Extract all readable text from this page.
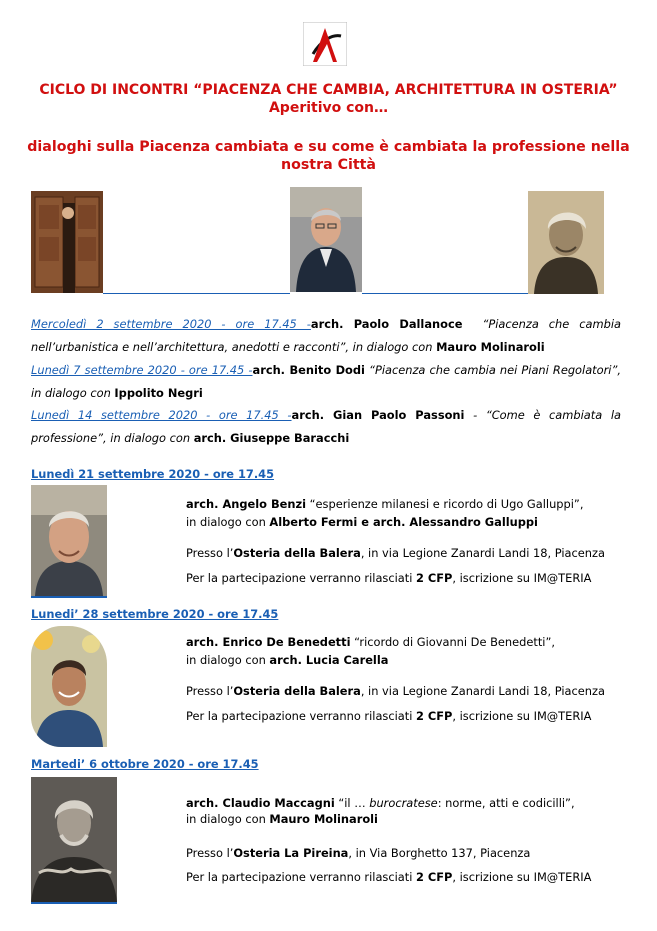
CICLO DI INCONTRI “PIACENZA CHE CAMBIA, ARCHITETTURA IN OSTERIA”
Aperitivo con…
dialoghi sulla Piacenza cambiata e su come è cambiata la professione nella
nostra Città
Mercoledì 2 settembre 2020 - ore 17.45 -arch. Paolo Dallanoce “Piacenza che cambia nell’urbanistica e nell’architettura, anedotti e racconti”, in dialogo con Mauro Molinaroli
Lunedì 7 settembre 2020 - ore 17.45 -arch. Benito Dodi “Piacenza che cambia nei Piani Regolatori”, in dialogo con Ippolito Negri
Lunedì 14 settembre 2020 - ore 17.45 -arch. Gian Paolo Passoni - “Come è cambiata la professione”, in dialogo con arch. Giuseppe Baracchi
Lunedì 21 settembre 2020 - ore 17.45
arch. Angelo Benzi “esperienze milanesi e ricordo di Ugo Galluppi”,
in dialogo con Alberto Fermi e arch. Alessandro Galluppi
Presso l’Osteria della Balera, in via Legione Zanardi Landi 18, Piacenza
Per la partecipazione verranno rilasciati 2 CFP, iscrizione su IM@TERIA
Lunedi’ 28 settembre 2020 - ore 17.45
arch. Enrico De Benedetti “ricordo di Giovanni De Benedetti”,
in dialogo con arch. Lucia Carella
Presso l’Osteria della Balera, in via Legione Zanardi Landi 18, Piacenza
Per la partecipazione verranno rilasciati 2 CFP, iscrizione su IM@TERIA
Martedi’ 6 ottobre 2020 - ore 17.45
arch. Claudio Maccagni “il … burocratese: norme, atti e codicilli”,
in dialogo con Mauro Molinaroli
Presso l’Osteria La Pireina, in Via Borghetto 137, Piacenza
Per la partecipazione verranno rilasciati 2 CFP, iscrizione su IM@TERIA
